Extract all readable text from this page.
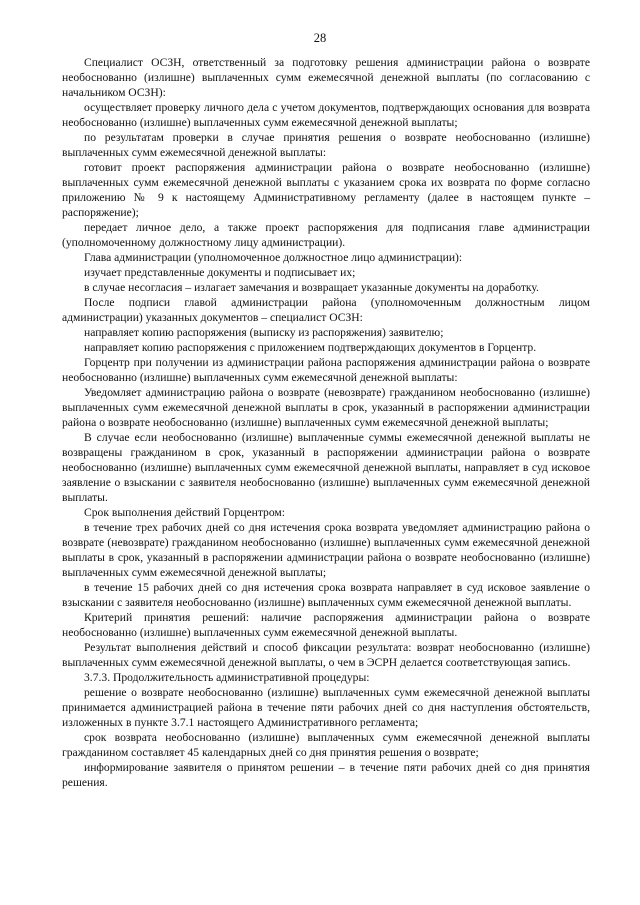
28

Специалист ОСЗН, ответственный за подготовку решения администрации района о возврате необоснованно (излишне) выплаченных сумм ежемесячной денежной выплаты (по согласованию с начальником ОСЗН):

осуществляет проверку личного дела с учетом документов, подтверждающих основания для возврата необоснованно (излишне) выплаченных сумм ежемесячной денежной выплаты;

по результатам проверки в случае принятия решения о возврате необоснованно (излишне) выплаченных сумм ежемесячной денежной выплаты:

готовит проект распоряжения администрации района о возврате необоснованно (излишне) выплаченных сумм ежемесячной денежной выплаты с указанием срока их возврата по форме согласно приложению № 9 к настоящему Административному регламенту (далее в настоящем пункте – распоряжение);

передает личное дело, а также проект распоряжения для подписания главе администрации (уполномоченному должностному лицу администрации).

Глава администрации (уполномоченное должностное лицо администрации):

изучает представленные документы и подписывает их;

в случае несогласия – излагает замечания и возвращает указанные документы на доработку.

После подписи главой администрации района (уполномоченным должностным лицом администрации) указанных документов – специалист ОСЗН:

направляет копию распоряжения (выписку из распоряжения) заявителю;

направляет копию распоряжения с приложением подтверждающих документов в Горцентр.

Горцентр при получении из администрации района распоряжения администрации района о возврате необоснованно (излишне) выплаченных сумм ежемесячной денежной выплаты:

Уведомляет администрацию района о возврате (невозврате) гражданином необоснованно (излишне) выплаченных сумм ежемесячной денежной выплаты в срок, указанный в распоряжении администрации района о возврате необоснованно (излишне) выплаченных сумм ежемесячной денежной выплаты;

В случае если необоснованно (излишне) выплаченные суммы ежемесячной денежной выплаты не возвращены гражданином в срок, указанный в распоряжении администрации района о возврате необоснованно (излишне) выплаченных сумм ежемесячной денежной выплаты, направляет в суд исковое заявление о взыскании с заявителя необоснованно (излишне) выплаченных сумм ежемесячной денежной выплаты.

Срок выполнения действий Горцентром:

в течение трех рабочих дней со дня истечения срока возврата уведомляет администрацию района о возврате (невозврате) гражданином необоснованно (излишне) выплаченных сумм ежемесячной денежной выплаты в срок, указанный в распоряжении администрации района о возврате необоснованно (излишне) выплаченных сумм ежемесячной денежной выплаты;

в течение 15 рабочих дней со дня истечения срока возврата направляет в суд исковое заявление о взыскании с заявителя необоснованно (излишне) выплаченных сумм ежемесячной денежной выплаты.

Критерий принятия решений: наличие распоряжения администрации района о возврате необоснованно (излишне) выплаченных сумм ежемесячной денежной выплаты.

Результат выполнения действий и способ фиксации результата: возврат необоснованно (излишне) выплаченных сумм ежемесячной денежной выплаты, о чем в ЭСРН делается соответствующая запись.

3.7.3. Продолжительность административной процедуры:

решение о возврате необоснованно (излишне) выплаченных сумм ежемесячной денежной выплаты принимается администрацией района в течение пяти рабочих дней со дня наступления обстоятельств, изложенных в пункте 3.7.1 настоящего Административного регламента;

срок возврата необоснованно (излишне) выплаченных сумм ежемесячной денежной выплаты гражданином составляет 45 календарных дней со дня принятия решения о возврате;

информирование заявителя о принятом решении – в течение пяти рабочих дней со дня принятия решения.
